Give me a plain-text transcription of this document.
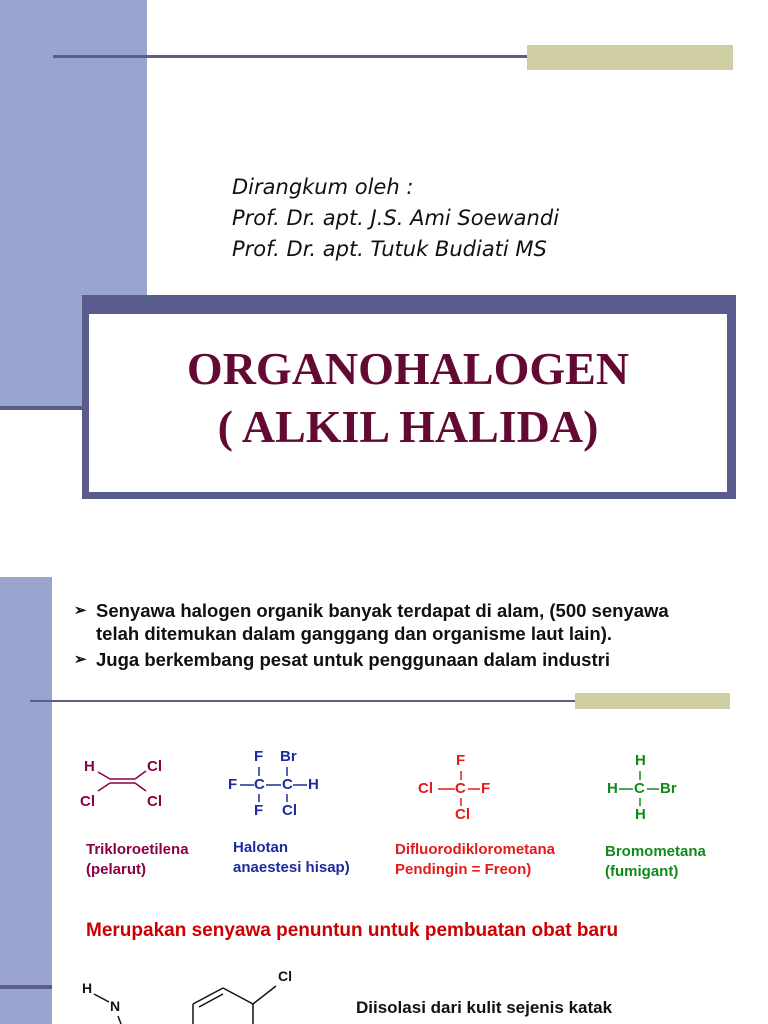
Dirangkum oleh :
Prof. Dr. apt. J.S. Ami Soewandi
Prof. Dr. apt. Tutuk Budiati MS
ORGANOHALOGEN
( ALKIL HALIDA)
➢ Senyawa halogen organik banyak terdapat di alam, (500 senyawa telah ditemukan dalam ganggang dan organisme laut lain).
➢ Juga berkembang pesat untuk penggunaan dalam industri
H	Cl
Cl	Cl
Trikloroetilena
(pelarut)
F Br
F C C H
F Cl
Halotan
anaestesi hisap)
F
Cl C F
Cl
Difluorodiklorometana
Pendingin = Freon)
H
H C Br
H
Bromometana
(fumigant)
Merupakan senyawa penuntun untuk pembuatan obat baru
H
N
Cl
Diisolasi dari kulit sejenis katak
